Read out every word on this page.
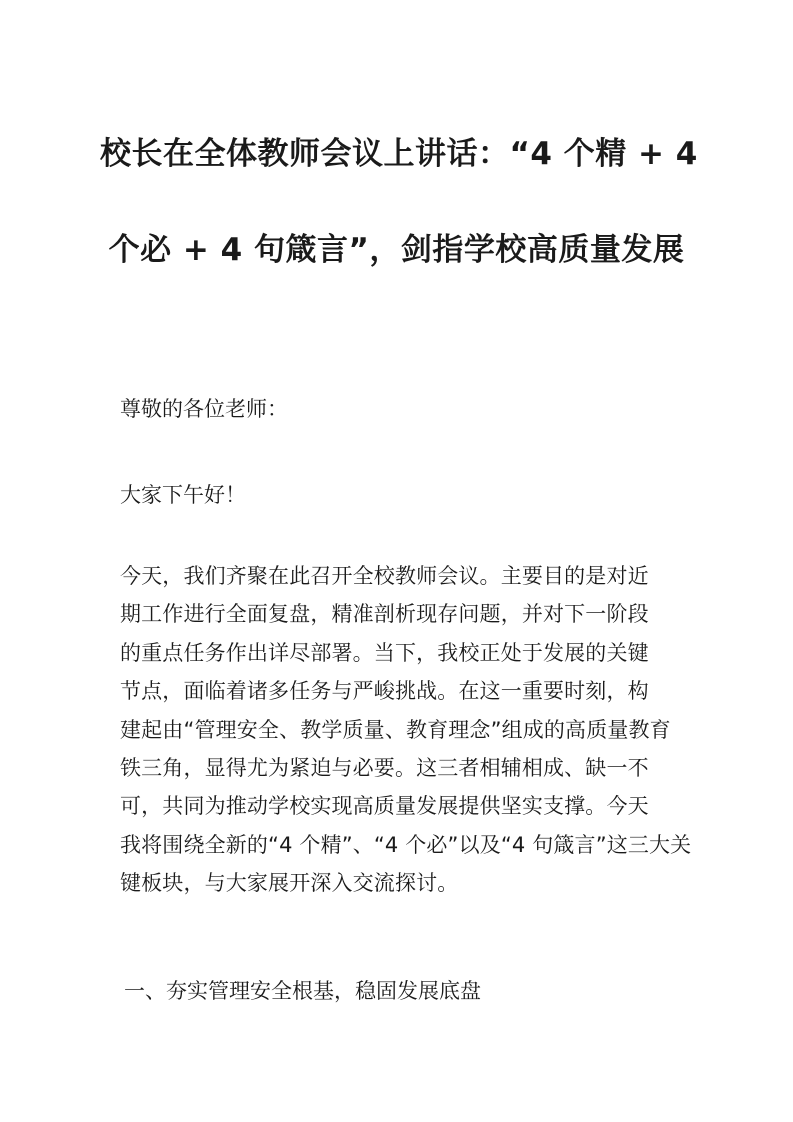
校长在全体教师会议上讲话：“4 个精 + 4
个必 + 4 句箴言”，剑指学校高质量发展

尊敬的各位老师：

大家下午好！

今天，我们齐聚在此召开全校教师会议。主要目的是对近
期工作进行全面复盘，精准剖析现存问题，并对下一阶段
的重点任务作出详尽部署。当下，我校正处于发展的关键
节点，面临着诸多任务与严峻挑战。在这一重要时刻，构
建起由“管理安全、教学质量、教育理念”组成的高质量教育
铁三角，显得尤为紧迫与必要。这三者相辅相成、缺一不
可，共同为推动学校实现高质量发展提供坚实支撑。今天
我将围绕全新的“4 个精”、“4 个必”以及“4 句箴言”这三大关
键板块，与大家展开深入交流探讨。
一、夯实管理安全根基，稳固发展底盘
